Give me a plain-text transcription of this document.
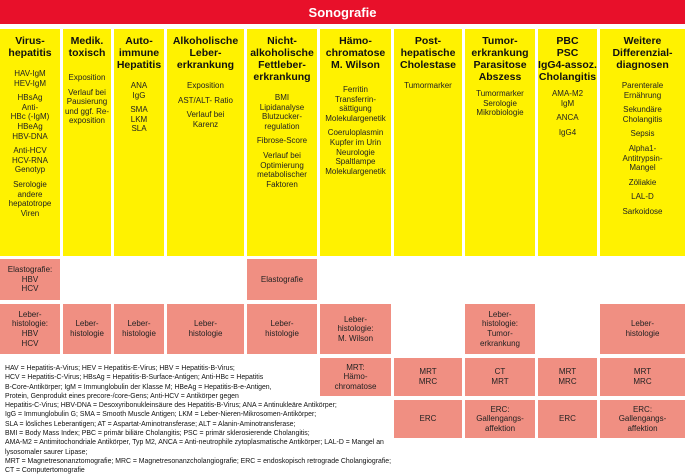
Sonografie
Virus-
hepatitis
HAV-IgM
HEV-IgM
HBsAg
Anti-
HBc (-IgM)
HBeAg
HBV-DNA
Anti-HCV
HCV-RNA
Genotyp
Serologie
andere
hepatotrope
Viren
Medik.
toxisch
Exposition
Verlauf bei
Pausierung
und ggf. Re-
exposition
Auto-
immune
Hepatitis
ANA
IgG
SMA
LKM
SLA
Alkoholische
Leber-
erkrankung
Exposition
AST/ALT- Ratio
Verlauf bei
Karenz
Nicht-
alkoholische
Fettleber-
erkrankung
BMI
Lipidanalyse
Blutzucker-
regulation
Fibrose-Score
Verlauf bei
Optimierung
metabolischer
Faktoren
Hämo-
chromatose
M. Wilson
Ferritin
Transferrin-
sättigung
Molekulargenetik
Coeruloplasmin
Kupfer im Urin
Neurologie
Spaltlampe
Molekulargenetik
Post-
hepatische
Cholestase
Tumormarker
Tumor-
erkrankung
Parasitose
Abszess
Tumormarker
Serologie
Mikrobiologie
PBC
PSC
IgG4-assoz.
Cholangitis
AMA-M2
IgM
ANCA
IgG4
Weitere
Differenzial-
diagnosen
Parenterale
Ernährung
Sekundäre
Cholangitis
Sepsis
Alpha1-
Antitrypsin-
Mangel
Zöliakie
LAL-D
Sarkoidose
Elastografie:
HBV
HCV
Elastografie
Leber-
histologie:
HBV
HCV
Leber-
histologie
Leber-
histologie
Leber-
histologie
Leber-
histologie
Leber-
histologie:
M. Wilson
Leber-
histologie:
Tumor-
erkrankung
Leber-
histologie
MRT:
Hämo-
chromatose
MRT
MRC
CT
MRT
MRT
MRC
MRT
MRC
ERC
ERC:
Gallengangs-
affektion
ERC
ERC:
Gallengangs-
affektion
HAV = Hepatitis-A-Virus; HEV = Hepatitis-E-Virus; HBV = Hepatitis-B-Virus;
HCV = Hepatitis-C-Virus; HBsAg = Hepatitis-B-Surface-Antigen; Anti-HBc = Hepatitis
B-Core-Antikörper; IgM = Immunglobulin der Klasse M; HBeAg = Hepatitis-B-e-Antigen,
Protein, Genprodukt eines precore-/core-Gens; Anti-HCV = Antikörper gegen
Hepatitis-C-Virus; HBV-DNA = Desoxyribonukleinsäure des Hepatitis-B-Virus; ANA = Antinukleäre Antikörper;
IgG = Immunglobulin G; SMA = Smooth Muscle Antigen; LKM = Leber-Nieren-Mikrosomen-Antikörper;
SLA = lösliches Leberantigen; AT = Aspartat-Aminotransferase; ALT = Alanin-Aminotransferase;
BMI = Body Mass Index; PBC = primär biliäre Cholangitis; PSC = primär sklerosierende Cholangitis;
AMA-M2 = Antimitochondriale Antikörper, Typ M2, ANCA = Anti-neutrophile zytoplasmatische Antikörper; LAL-D = Mangel an lysosomaler saurer Lipase;
MRT = Magnetresonanztomografie; MRC = Magnetresonanzcholangiografie; ERC = endoskopisch retrograde Cholangiografie; CT = Computertomografie
